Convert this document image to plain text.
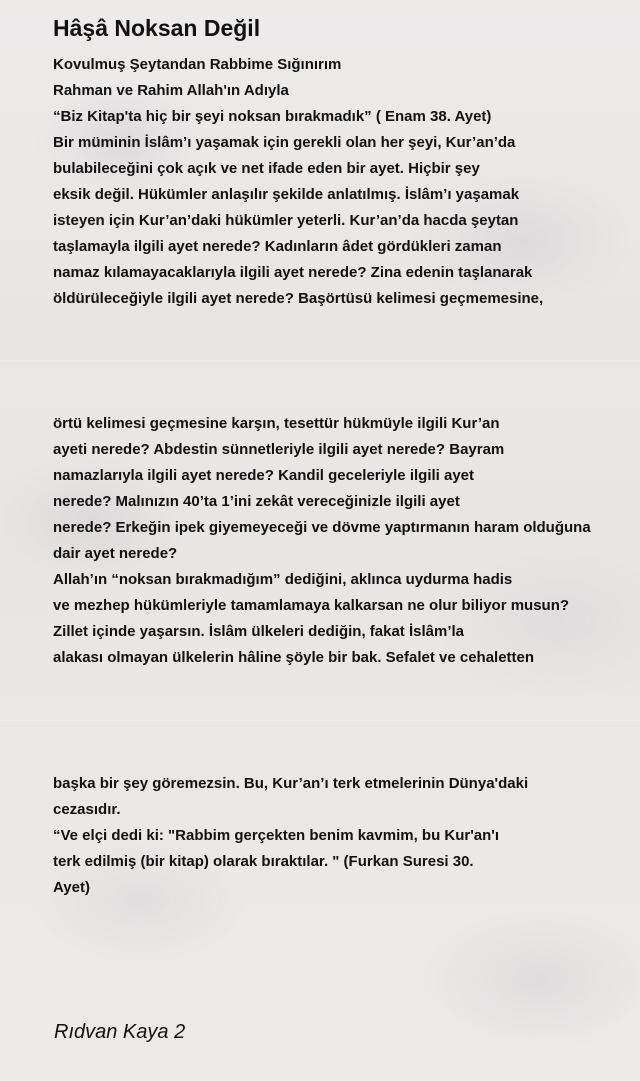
Hâşâ Noksan Değil
Kovulmuş Şeytandan Rabbime Sığınırım
Rahman ve Rahim Allah'ın Adıyla
“Biz Kitap'ta hiç bir şeyi noksan bırakmadık” ( Enam 38. Ayet)
Bir müminin İslâm’ı yaşamak için gerekli olan her şeyi, Kur’an’da
bulabileceğini çok açık ve net ifade eden bir ayet. Hiçbir şey
eksik değil. Hükümler anlaşılır şekilde anlatılmış. İslâm’ı yaşamak
isteyen için Kur’an’daki hükümler yeterli. Kur’an’da hacda şeytan
taşlamayla ilgili ayet nerede? Kadınların âdet gördükleri zaman
namaz kılamayacaklarıyla ilgili ayet nerede? Zina edenin taşlanarak
öldürüleceğiyle ilgili ayet nerede? Başörtüsü kelimesi geçmemesine,
örtü kelimesi geçmesine karşın, tesettür hükmüyle ilgili Kur’an
ayeti nerede? Abdestin sünnetleriyle ilgili ayet nerede? Bayram
namazlarıyla ilgili ayet nerede? Kandil geceleriyle ilgili ayet
nerede? Malınızın 40’ta 1’ini zekât vereceğinizle ilgili ayet
nerede? Erkeğin ipek giyemeyeceği ve dövme yaptırmanın haram olduğuna
dair ayet nerede?
Allah’ın “noksan bırakmadığım” dediğini, aklınca uydurma hadis
ve mezhep hükümleriyle tamamlamaya kalkarsan ne olur biliyor musun?
Zillet içinde yaşarsın. İslâm ülkeleri dediğin, fakat İslâm’la
alakası olmayan ülkelerin hâline şöyle bir bak. Sefalet ve cehaletten
başka bir şey göremezsin. Bu, Kur’an’ı terk etmelerinin Dünya'daki
cezasıdır.
“Ve elçi dedi ki: "Rabbim gerçekten benim kavmim, bu Kur'an'ı
terk edilmiş (bir kitap) olarak bıraktılar. " (Furkan Suresi 30.
Ayet)
Rıdvan Kaya 2
